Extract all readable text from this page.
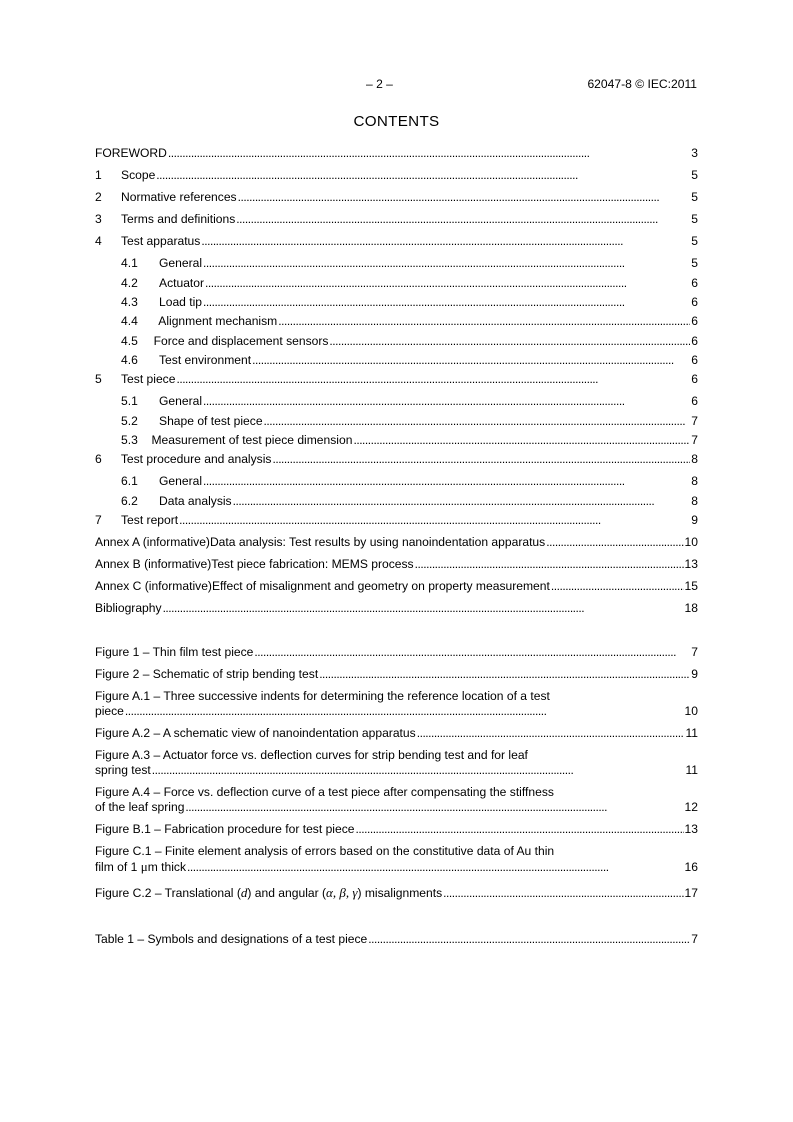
– 2 –	62047-8 © IEC:2011
CONTENTS
FOREWORD . . .	3
1	Scope . . .	5
2	Normative references . . .	5
3	Terms and definitions . . .	5
4	Test apparatus . . .	5
4.1	General . . .	5
4.2	Actuator . . .	6
4.3	Load tip . . .	6
4.4	Alignment mechanism . . .	6
4.5	Force and displacement sensors . . .	6
4.6	Test environment . . .	6
5	Test piece . . .	6
5.1	General . . .	6
5.2	Shape of test piece . . .	7
5.3	Measurement of test piece dimension . . .	7
6	Test procedure and analysis . . .	8
6.1	General . . .	8
6.2	Data analysis . . .	8
7	Test report . . .	9
Annex A (informative) Data analysis: Test results by using nanoindentation apparatus . . .	10
Annex B (informative) Test piece fabrication: MEMS process . . .	13
Annex C (informative) Effect of misalignment and geometry on property measurement . . .	15
Bibliography . . .	18
Figure 1 – Thin film test piece . . .	7
Figure 2 – Schematic of strip bending test . . .	9
Figure A.1 – Three successive indents for determining the reference location of a test
piece . . .	10
Figure A.2 – A schematic view of nanoindentation apparatus . . .	11
Figure A.3 – Actuator force vs. deflection curves for strip bending test and for leaf
spring test . . .	11
Figure A.4 – Force vs. deflection curve of a test piece after compensating the stiffness
of the leaf spring . . .	12
Figure B.1 – Fabrication procedure for test piece . . .	13
Figure C.1 – Finite element analysis of errors based on the constitutive data of Au thin
film of 1 μm thick . . .	16
Figure C.2 – Translational (d) and angular (α, β, γ) misalignments . . .	17
Table 1 – Symbols and designations of a test piece . . .	7
